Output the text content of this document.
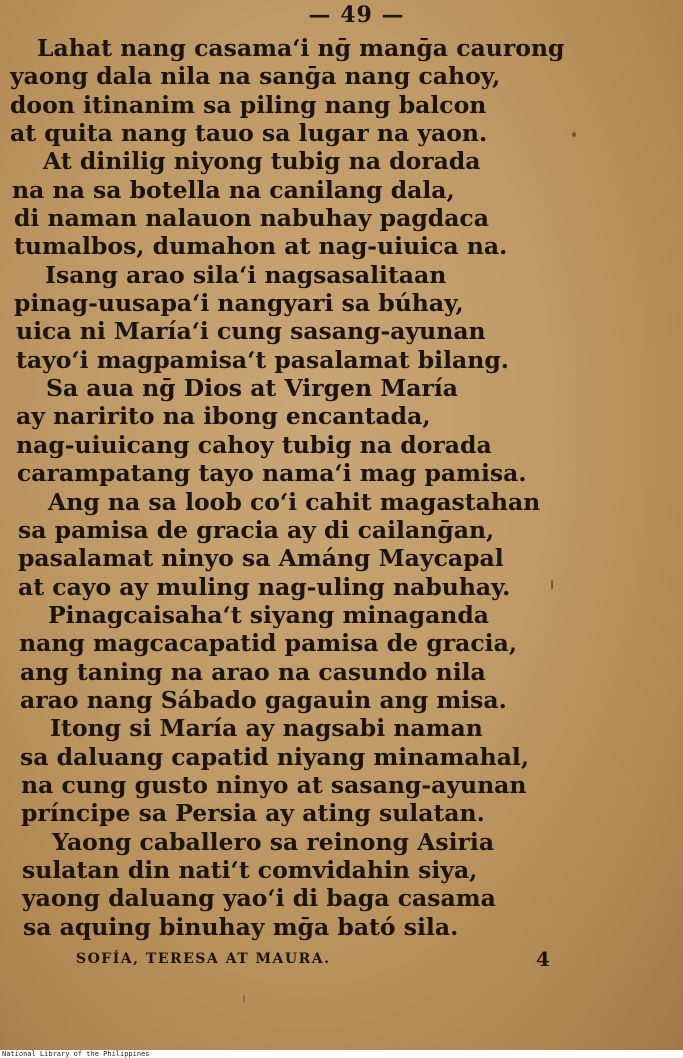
— 49 —
Lahat nang casama‘i nḡ manḡa caurong
yaong dala nila na sanḡa nang cahoy,
doon itinanim sa piling nang balcon
at quita nang tauo sa lugar na yaon.
At dinilig niyong tubig na dorada
na na sa botella na canilang dala,
di naman nalauon nabuhay pagdaca
tumalbos, dumahon at nag-uiuica na.
Isang arao sila‘i nagsasalitaan
pinag-uusapa‘i nangyari sa búhay,
uica ni María‘i cung sasang-ayunan
tayo‘i magpamisa‘t pasalamat bilang.
Sa aua nḡ Dios at Virgen María
ay naririto na ibong encantada,
nag-uiuicang cahoy tubig na dorada
carampatang tayo nama‘i mag pamisa.
Ang na sa loob co‘i cahit magastahan
sa pamisa de gracia ay di cailanḡan,
pasalamat ninyo sa Amáng Maycapal
at cayo ay muling nag-uling nabuhay.
Pinagcaisaha‘t siyang minaganda
nang magcacapatid pamisa de gracia,
ang taning na arao na casundo nila
arao nang Sábado gagauin ang misa.
Itong si María ay nagsabi naman
sa daluang capatid niyang minamahal,
na cung gusto ninyo at sasang-ayunan
príncipe sa Persia ay ating sulatan.
Yaong caballero sa reinong Asiria
sulatan din nati‘t comvidahin siya,
yaong daluang yao‘i di baga casama
sa aquing binuhay mḡa bató sila.
SOFÍA, TERESA AT MAURA.	4
National Library of the Philippines
